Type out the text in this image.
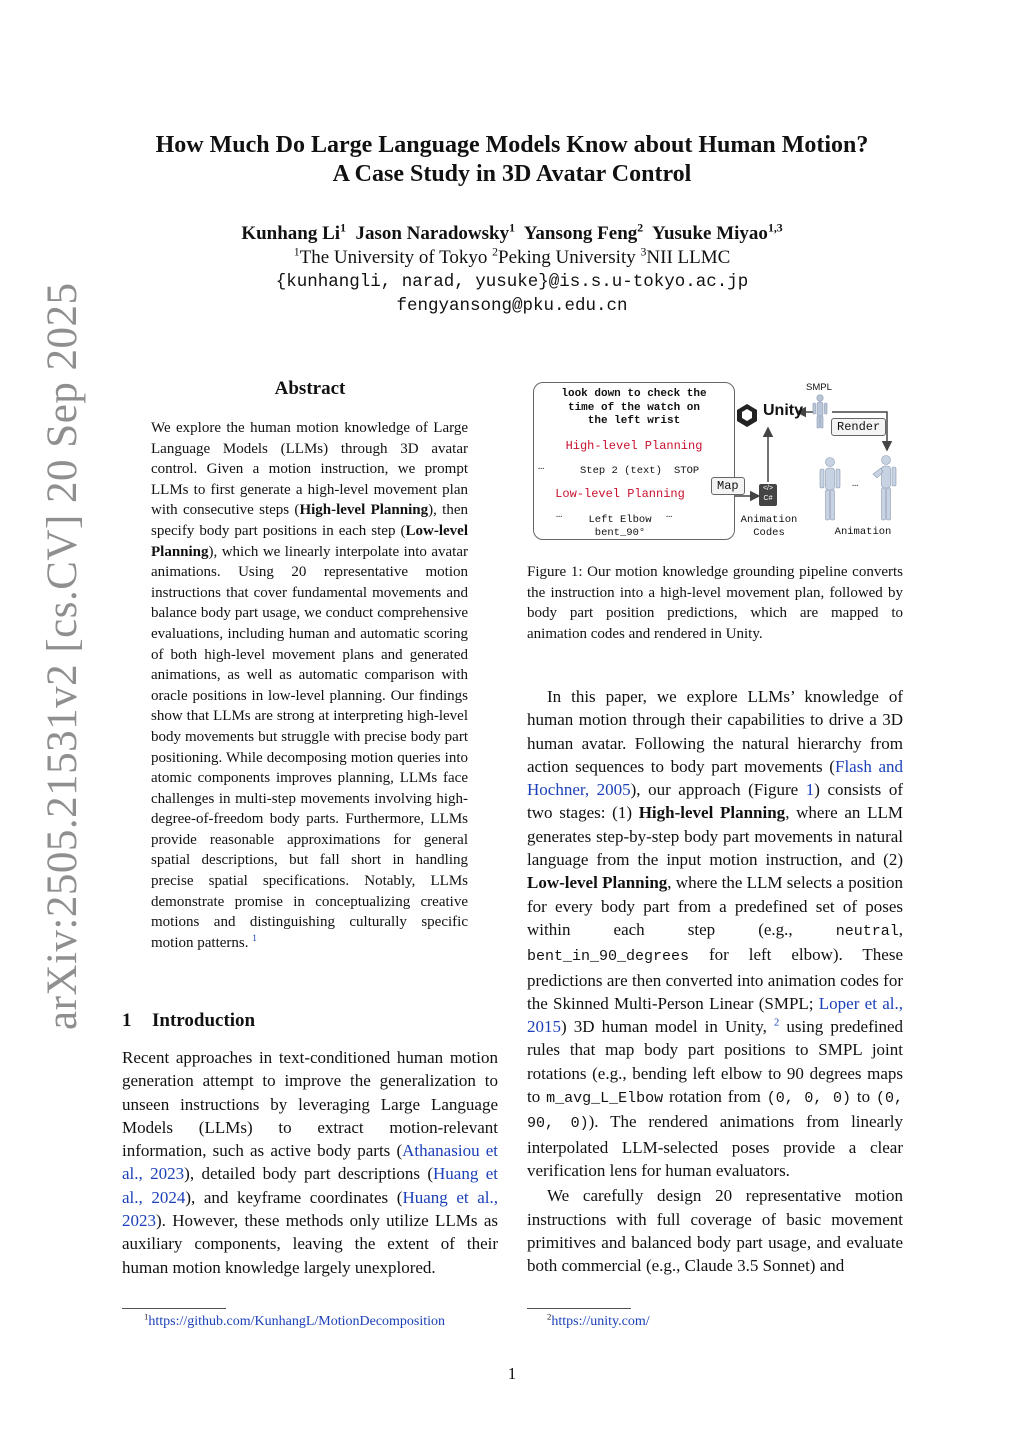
arXiv:2505.21531v2 [cs.CV] 20 Sep 2025
How Much Do Large Language Models Know about Human Motion?
A Case Study in 3D Avatar Control
Kunhang Li$^1$ Jason Naradowsky$^1$ Yansong Feng$^2$ Yusuke Miyao$^{1,3}$
$^1$The University of Tokyo $^2$Peking University $^3$NII LLMC
{kunhangli, narad, yusuke}@is.s.u-tokyo.ac.jp
fengyansong@pku.edu.cn
Abstract
We explore the human motion knowledge of Large Language Models (LLMs) through 3D avatar control. Given a motion instruction, we prompt LLMs to first generate a high-level movement plan with consecutive steps (High-level Planning), then specify body part positions in each step (Low-level Planning), which we linearly interpolate into avatar animations. Using 20 representative motion instructions that cover fundamental movements and balance body part usage, we conduct comprehensive evaluations, including human and automatic scoring of both high-level movement plans and generated animations, as well as automatic comparison with oracle positions in low-level planning. Our findings show that LLMs are strong at interpreting high-level body movements but struggle with precise body part positioning. While decomposing motion queries into atomic components improves planning, LLMs face challenges in multi-step movements involving high-degree-of-freedom body parts. Furthermore, LLMs provide reasonable approximations for general spatial descriptions, but fall short in handling precise spatial specifications. Notably, LLMs demonstrate promise in conceptualizing creative motions and distinguishing culturally specific motion patterns. $^1$
1 Introduction
Recent approaches in text-conditioned human motion generation attempt to improve the generalization to unseen instructions by leveraging Large Language Models (LLMs) to extract motion-relevant information, such as active body parts (Athanasiou et al., 2023), detailed body part descriptions (Huang et al., 2024), and keyframe coordinates (Huang et al., 2023). However, these methods only utilize LLMs as auxiliary components, leaving the extent of their human motion knowledge largely unexplored.
$^1$https://github.com/KunhangL/MotionDecomposition
look down to check the
time of the watch on
the left wrist
High-level Planning
…	Step 2 (text) STOP
Low-level Planning
…	…
Left Elbow
bent_90°
Map
Unity
SMPL
Render
</>
C#
Animation
Codes
…
Animation
Figure 1: Our motion knowledge grounding pipeline converts the instruction into a high-level movement plan, followed by body part position predictions, which are mapped to animation codes and rendered in Unity.

In this paper, we explore LLMs’ knowledge of human motion through their capabilities to drive a 3D human avatar. Following the natural hierarchy from action sequences to body part movements (Flash and Hochner, 2005), our approach (Figure 1) consists of two stages: (1) High-level Planning, where an LLM generates step-by-step body part movements in natural language from the input motion instruction, and (2) Low-level Planning, where the LLM selects a position for every body part from a predefined set of poses within each step (e.g., neutral, bent_in_90_degrees for left elbow). These predictions are then converted into animation codes for the Skinned Multi-Person Linear (SMPL; Loper et al., 2015) 3D human model in Unity, $^2$ using predefined rules that map body part positions to SMPL joint rotations (e.g., bending left elbow to 90 degrees maps to m_avg_L_Elbow rotation from (0, 0, 0) to (0, 90, 0)). The rendered animations from linearly interpolated LLM-selected poses provide a clear verification lens for human evaluators.

We carefully design 20 representative motion instructions with full coverage of basic movement primitives and balanced body part usage, and evaluate both commercial (e.g., Claude 3.5 Sonnet) and

$^2$https://unity.com/
1
